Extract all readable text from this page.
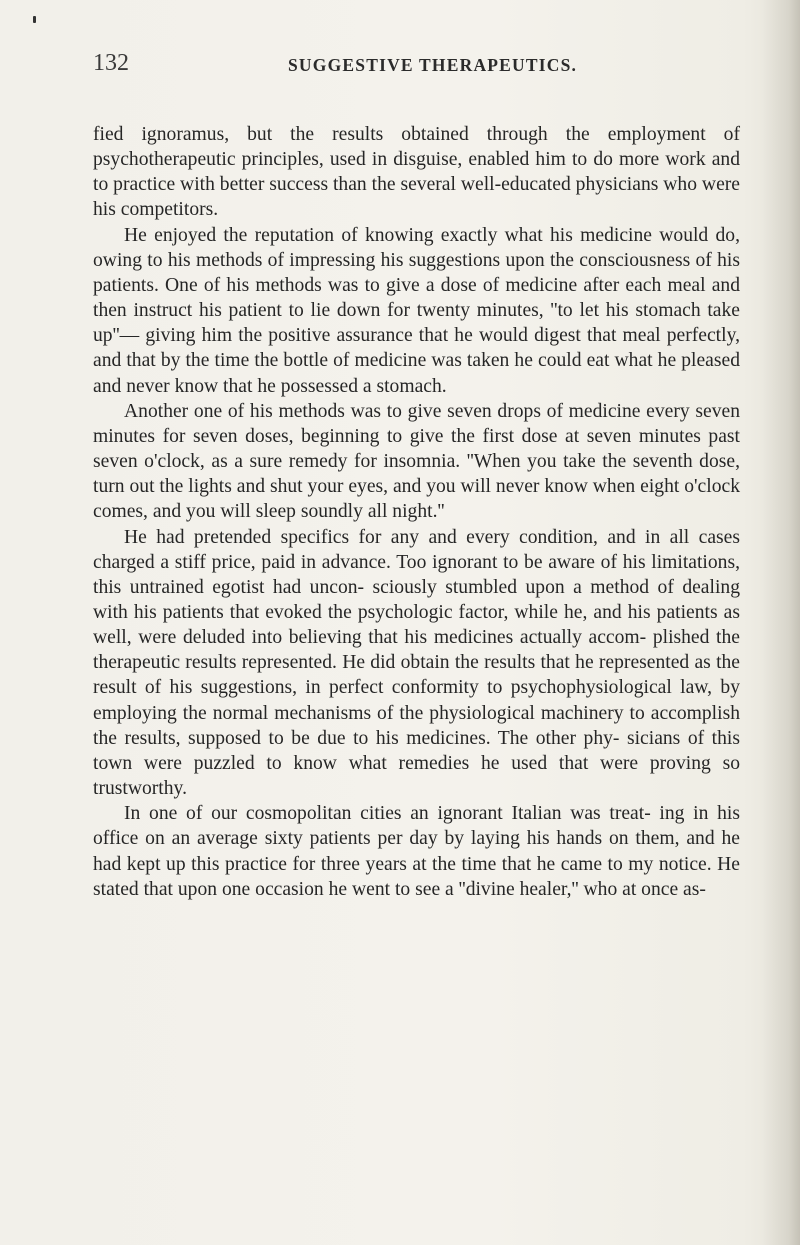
132	SUGGESTIVE THERAPEUTICS.

fied ignoramus, but the results obtained through the employment of psychotherapeutic principles, used in disguise, enabled him to do more work and to practice with better success than the several well-educated physicians who were his competitors.

He enjoyed the reputation of knowing exactly what his medicine would do, owing to his methods of impressing his suggestions upon the consciousness of his patients. One of his methods was to give a dose of medicine after each meal and then instruct his patient to lie down for twenty minutes, ''to let his stomach take up''— giving him the positive assurance that he would digest that meal perfectly, and that by the time the bottle of medicine was taken he could eat what he pleased and never know that he possessed a stomach.

Another one of his methods was to give seven drops of medicine every seven minutes for seven doses, beginning to give the first dose at seven minutes past seven o'clock, as a sure remedy for insomnia. ''When you take the seventh dose, turn out the lights and shut your eyes, and you will never know when eight o'clock comes, and you will sleep soundly all night.''

He had pretended specifics for any and every condition, and in all cases charged a stiff price, paid in advance. Too ignorant to be aware of his limitations, this untrained egotist had uncon- sciously stumbled upon a method of dealing with his patients that evoked the psychologic factor, while he, and his patients as well, were deluded into believing that his medicines actually accom- plished the therapeutic results represented. He did obtain the results that he represented as the result of his suggestions, in perfect conformity to psychophysiological law, by employing the normal mechanisms of the physiological machinery to accomplish the results, supposed to be due to his medicines. The other phy- sicians of this town were puzzled to know what remedies he used that were proving so trustworthy.

In one of our cosmopolitan cities an ignorant Italian was treat- ing in his office on an average sixty patients per day by laying his hands on them, and he had kept up this practice for three years at the time that he came to my notice. He stated that upon one occasion he went to see a ''divine healer,'' who at once as-
